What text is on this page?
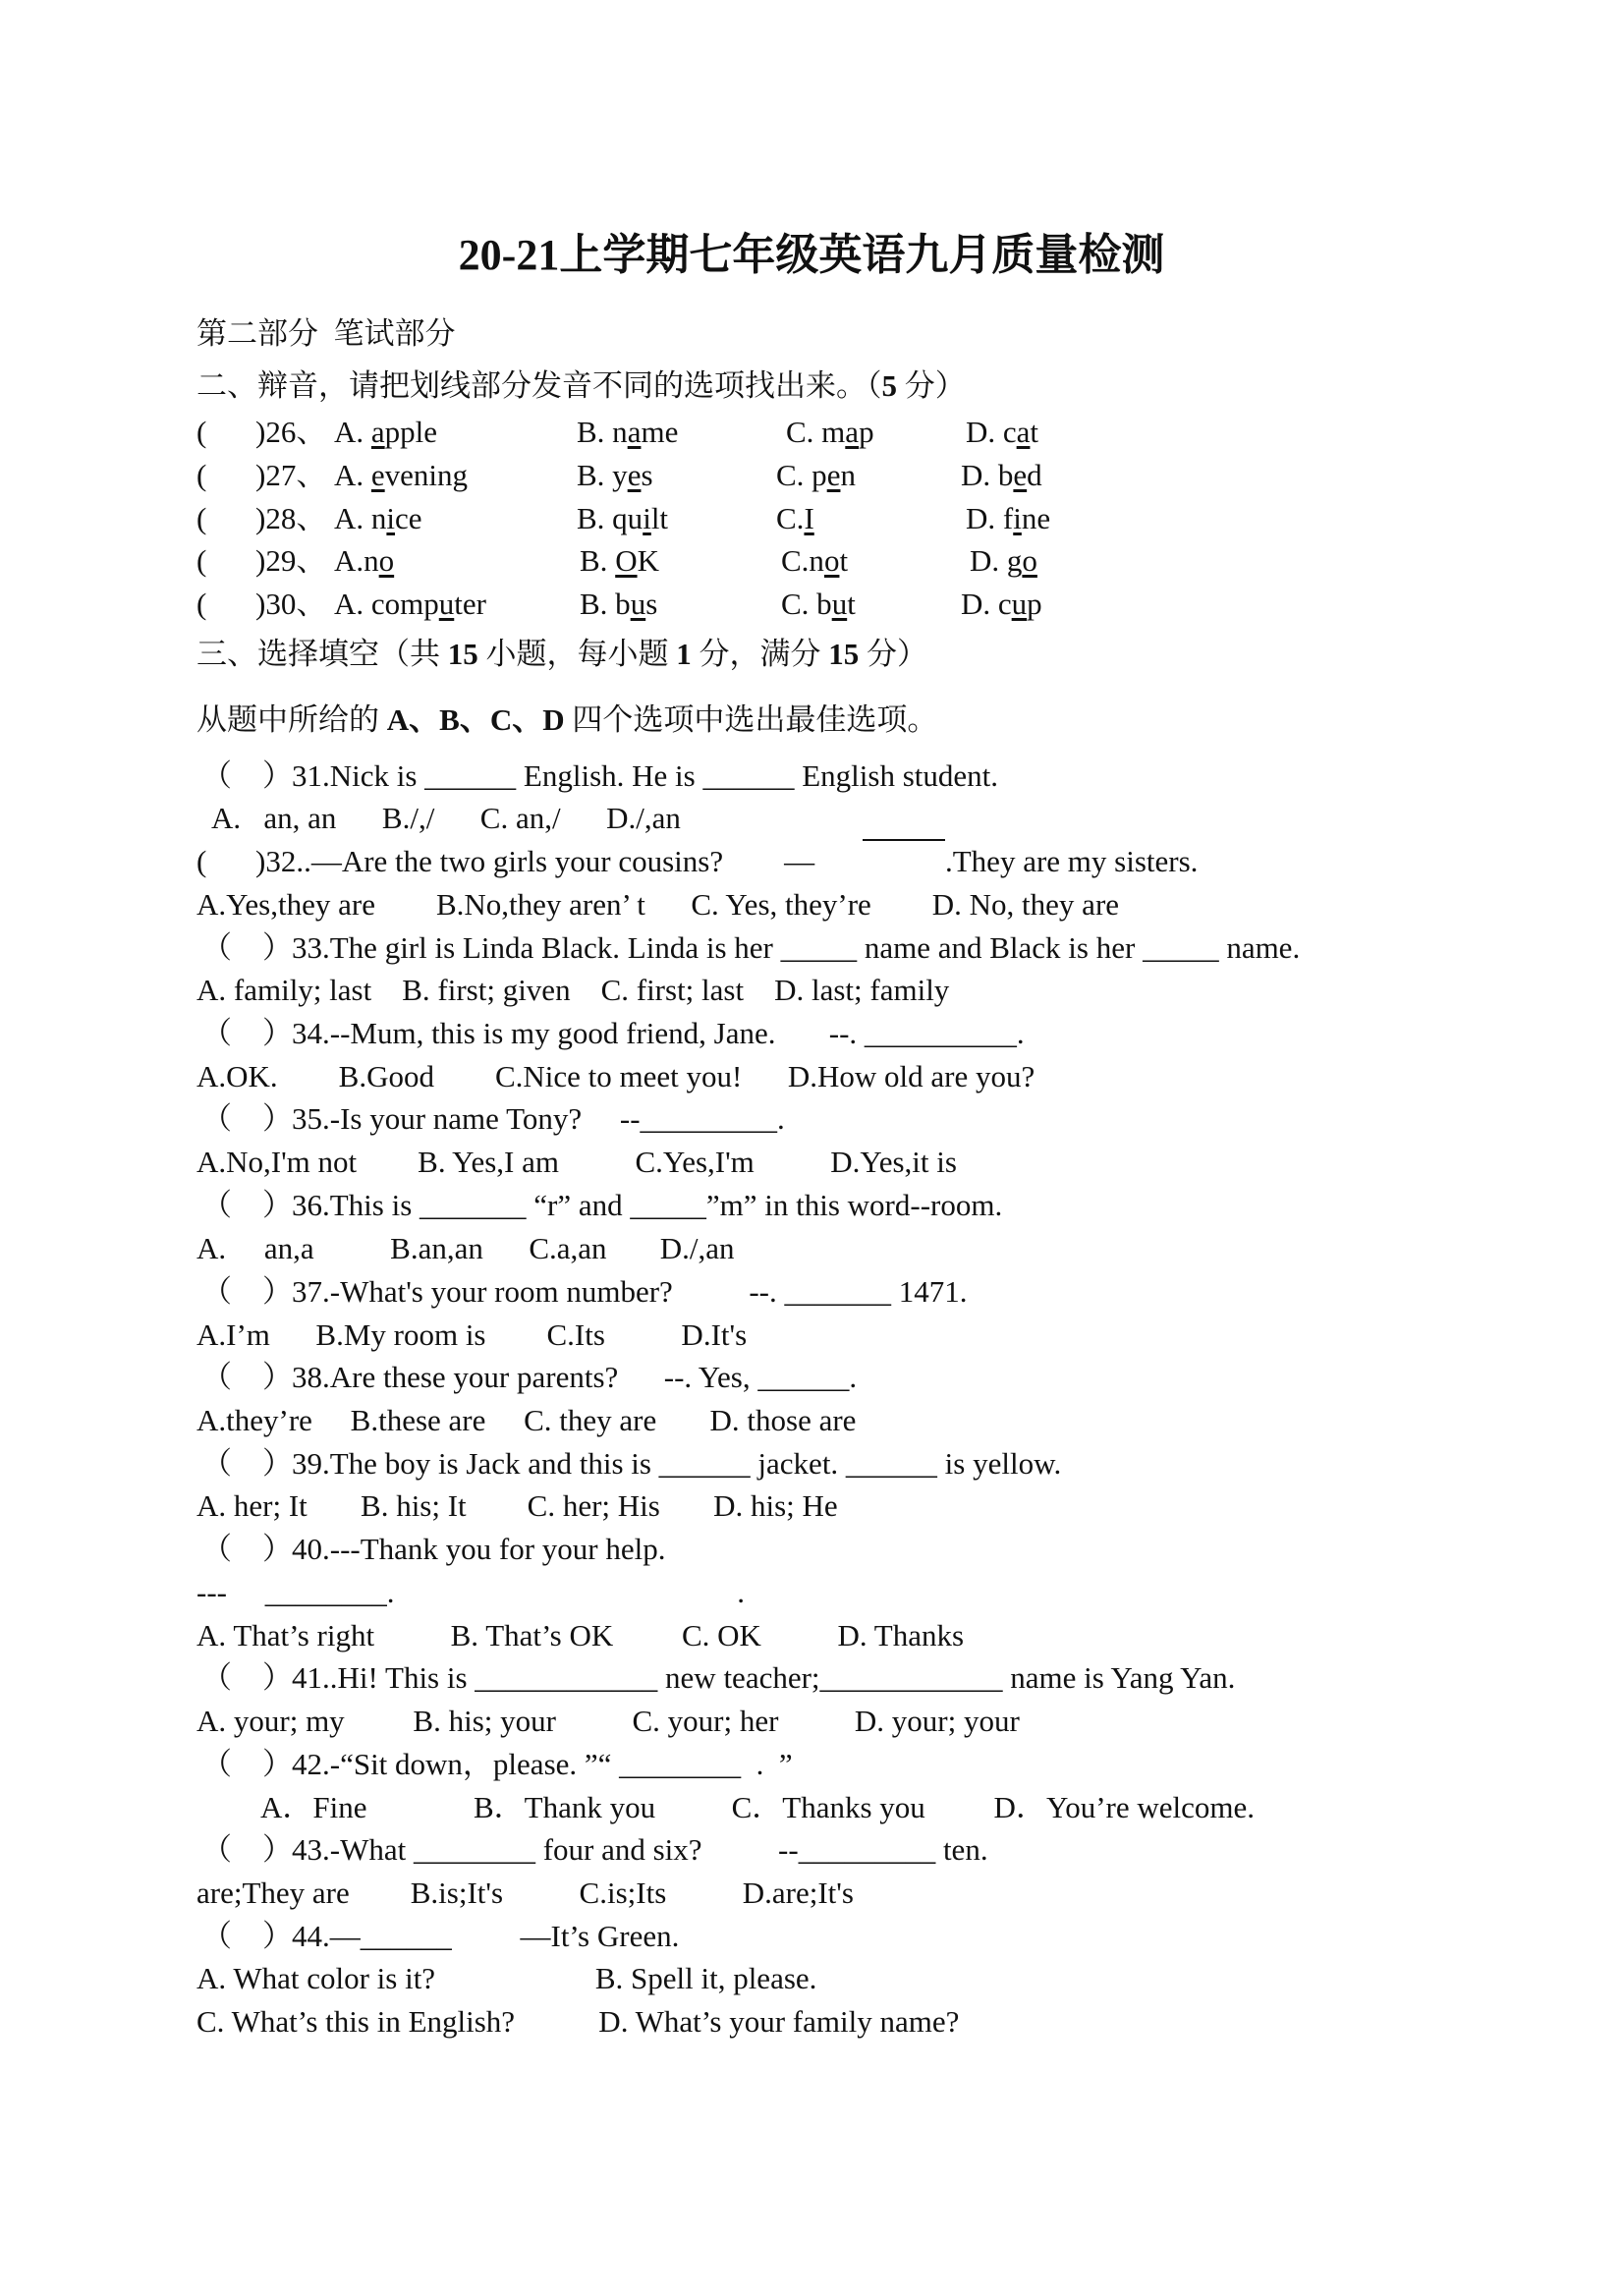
20-21上学期七年级英语九月质量检测
第二部分  笔试部分
二、辩音，请把划线部分发音不同的选项找出来。（5 分）
( )26、 A. apple	B. name	C. map	D. cat
( )27、 A. evening	B. yes	C. pen	D. bed
( )28、 A. nice	B. quilt	C.I	D. fine
( )29、 A.no	B. OK	C.not	D. go
( )30、 A. computer	B. bus	C. but	D. cup
三、选择填空（共 15 小题，每小题 1 分，满分 15 分）
从题中所给的 A、B、C、D 四个选项中选出最佳选项。
（    ） 31.Nick is ______ English. He is ______ English student.
A.   an, an      B./,/      C. an,/      D./,an
( )32..—Are the two girls your cousins?        —	.They are my sisters.
A.Yes,they are        B.No,they aren’ t      C. Yes, they’re        D. No, they are
（    ） 33.The girl is Linda Black. Linda is her _____ name and Black is her _____ name.
A. family; last    B. first; given    C. first; last    D. last; family
（    ） 34.--Mum, this is my good friend, Jane.       --. __________.
A.OK.        B.Good        C.Nice to meet you!      D.How old are you?
（    ） 35.-Is your name Tony?     --_________.
A.No,I'm not        B. Yes,I am          C.Yes,I'm          D.Yes,it is
（    ） 36.This is _______ “r” and _____”m” in this word--room.
A.     an,a          B.an,an      C.a,an       D./,an
（    ） 37.-What's your room number?          --. _______ 1471.
A.I’m      B.My room is        C.Its          D.It's
（    ） 38.Are these your parents?      --. Yes, ______.
A.they’re     B.these are     C. they are       D. those are
（    ） 39.The boy is Jack and this is ______ jacket. ______ is yellow.
A. her; It       B. his; It        C. her; His       D. his; He
（    ） 40.---Thank you for your help.
---     ________.                                             .
A. That’s right          B. That’s OK         C. OK          D. Thanks
（    ） 41..Hi! This is ____________ new teacher;____________ name is Yang Yan.
A. your; my         B. his; your          C. your; her          D. your; your
（    ） 42.-“Sit down，please. ”“ ________  .  ”
A．Fine              B．Thank you          C．Thanks you         D．You’re welcome.
（    ） 43.-What ________ four and six?          --_________ ten.
are;They are        B.is;It's          C.is;Its          D.are;It's
（    ） 44.—______         —It’s Green.
A. What color is it?                     B. Spell it, please.
C. What’s this in English?           D. What’s your family name?
